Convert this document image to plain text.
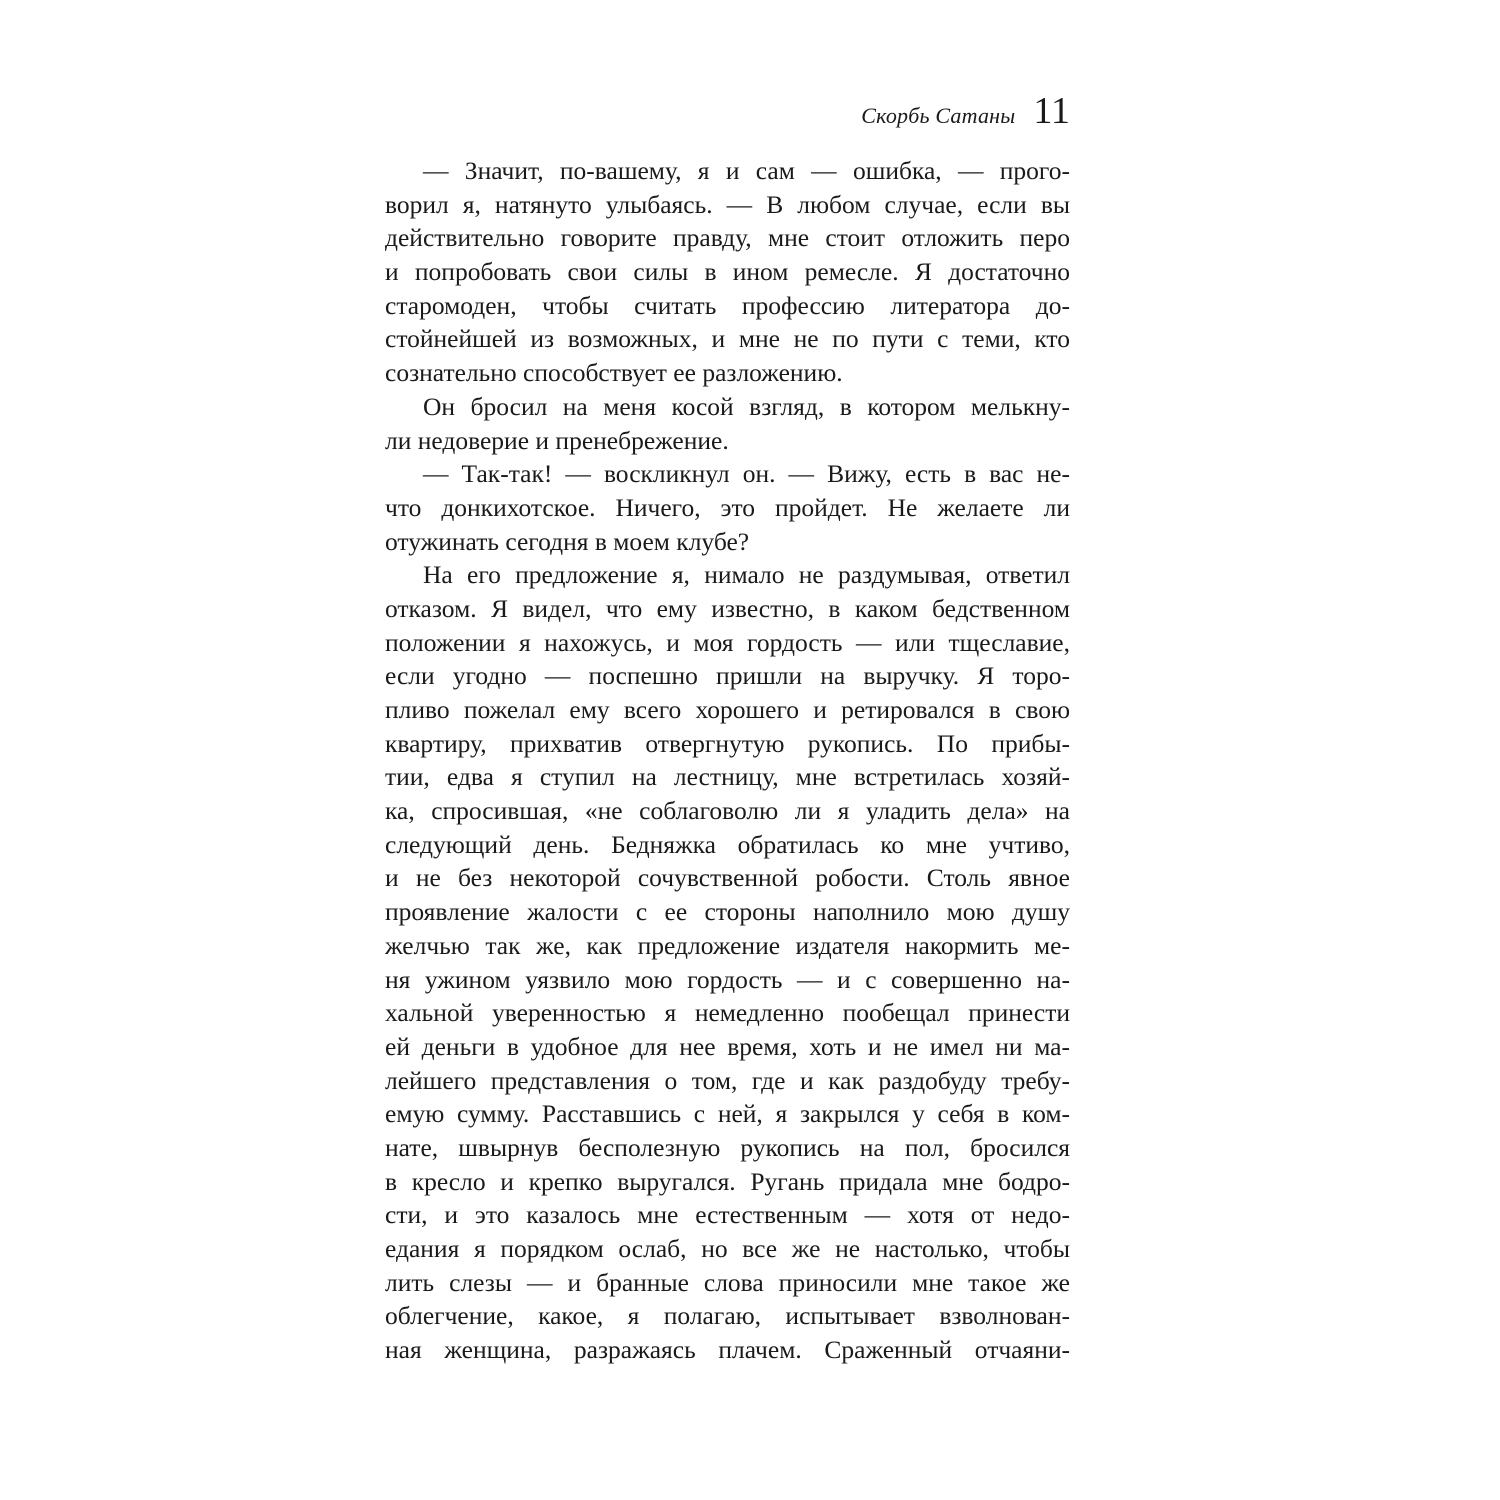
Скорбь Сатаны 11
— Значит, по-вашему, я и сам — ошибка, — прого-
ворил я, натянуто улыбаясь. — В любом случае, если вы
действительно говорите правду, мне стоит отложить перо
и попробовать свои силы в ином ремесле. Я достаточно
старомоден, чтобы считать профессию литератора до-
стойнейшей из возможных, и мне не по пути с теми, кто
сознательно способствует ее разложению.
Он бросил на меня косой взгляд, в котором мелькну-
ли недоверие и пренебрежение.
— Так-так! — воскликнул он. — Вижу, есть в вас не-
что донкихотское. Ничего, это пройдет. Не желаете ли
отужинать сегодня в моем клубе?
На его предложение я, нимало не раздумывая, ответил
отказом. Я видел, что ему известно, в каком бедственном
положении я нахожусь, и моя гордость — или тщеславие,
если угодно — поспешно пришли на выручку. Я торо-
пливо пожелал ему всего хорошего и ретировался в свою
квартиру, прихватив отвергнутую рукопись. По прибы-
тии, едва я ступил на лестницу, мне встретилась хозяй-
ка, спросившая, «не соблаговолю ли я уладить дела» на
следующий день. Бедняжка обратилась ко мне учтиво,
и не без некоторой сочувственной робости. Столь явное
проявление жалости с ее стороны наполнило мою душу
желчью так же, как предложение издателя накормить ме-
ня ужином уязвило мою гордость — и с совершенно на-
хальной уверенностью я немедленно пообещал принести
ей деньги в удобное для нее время, хоть и не имел ни ма-
лейшего представления о том, где и как раздобуду требу-
емую сумму. Расставшись с ней, я закрылся у себя в ком-
нате, швырнув бесполезную рукопись на пол, бросился
в кресло и крепко выругался. Ругань придала мне бодро-
сти, и это казалось мне естественным — хотя от недо-
едания я порядком ослаб, но все же не настолько, чтобы
лить слезы — и бранные слова приносили мне такое же
облегчение, какое, я полагаю, испытывает взволнован-
ная женщина, разражаясь плачем. Сраженный отчаяни-
